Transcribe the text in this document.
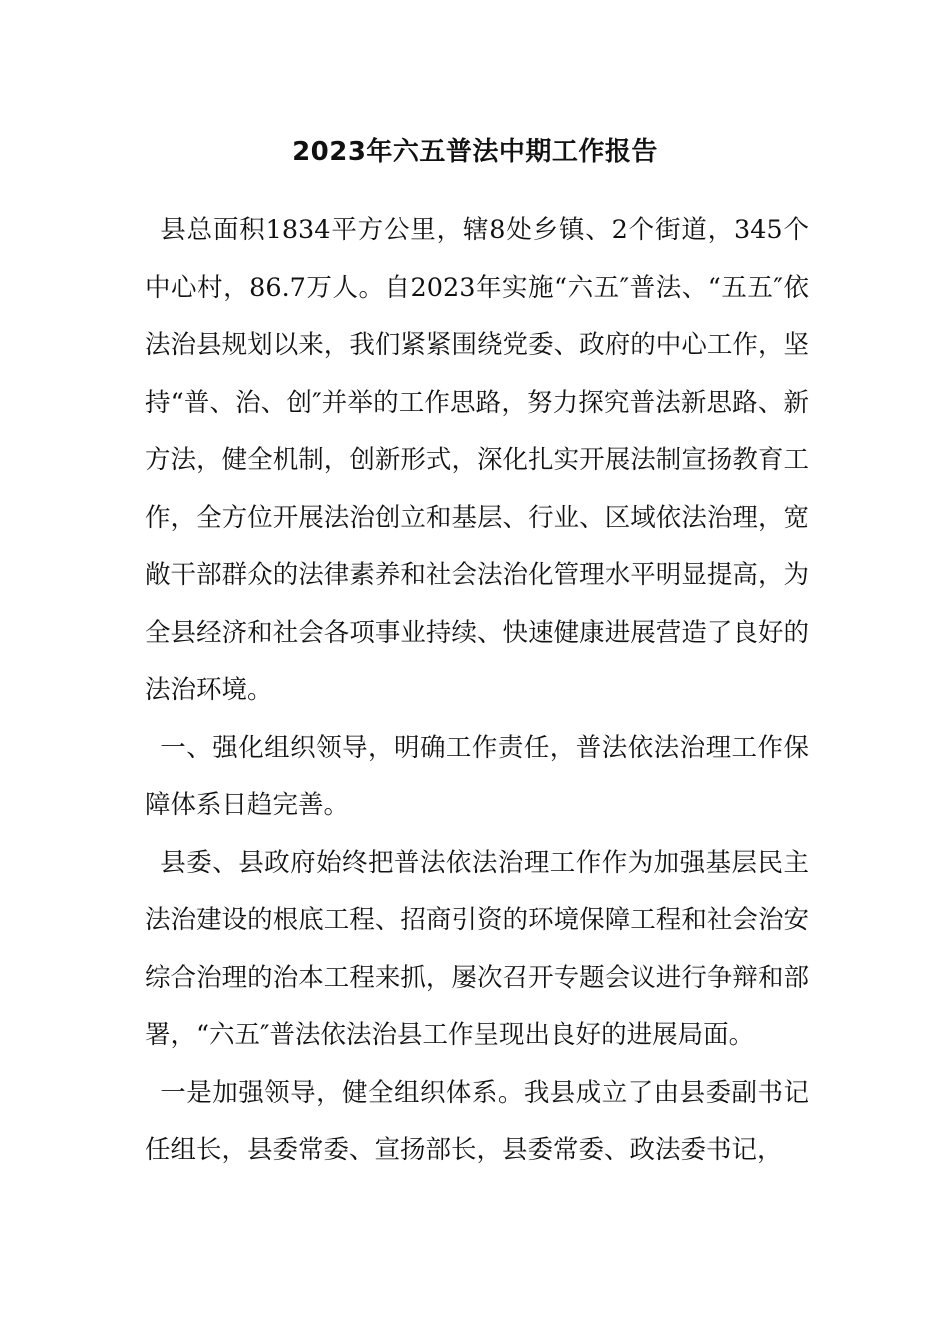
2023年六五普法中期工作报告

县总面积1834平方公里，辖8处乡镇、2个街道，345个中心村，86.7万人。自2023年实施“六五″普法、“五五″依法治县规划以来，我们紧紧围绕党委、政府的中心工作，坚持“普、治、创″并举的工作思路，努力探究普法新思路、新方法，健全机制，创新形式，深化扎实开展法制宣扬教育工作，全方位开展法治创立和基层、行业、区域依法治理，宽敞干部群众的法律素养和社会法治化管理水平明显提高，为全县经济和社会各项事业持续、快速健康进展营造了良好的法治环境。

一、强化组织领导，明确工作责任，普法依法治理工作保障体系日趋完善。

县委、县政府始终把普法依法治理工作作为加强基层民主法治建设的根底工程、招商引资的环境保障工程和社会治安综合治理的治本工程来抓，屡次召开专题会议进行争辩和部署，“六五″普法依法治县工作呈现出良好的进展局面。

一是加强领导，健全组织体系。我县成立了由县委副书记任组长，县委常委、宣扬部长，县委常委、政法委书记，
